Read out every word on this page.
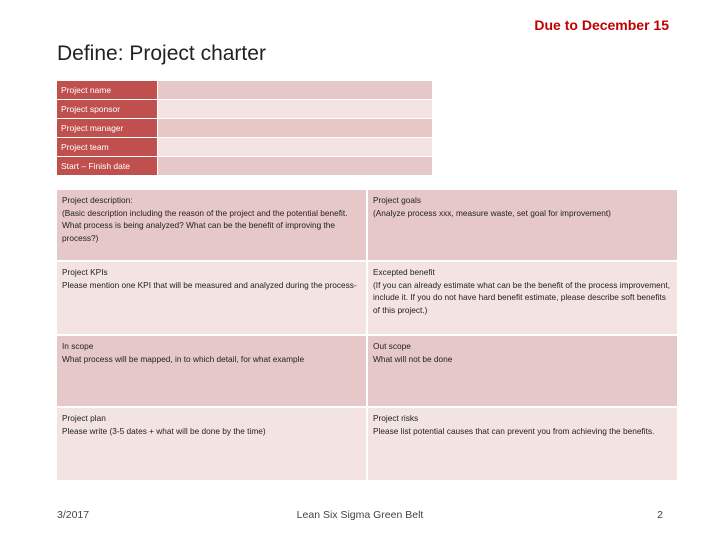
Due to December 15
Define: Project charter
Project name
Project sponsor
Project manager
Project team
Start – Finish date
Project description:
(Basic description including the reason of the project and the potential benefit. What process is being analyzed? What can be the benefit of improving the process?)
Project goals
(Analyze process xxx, measure waste, set goal for improvement)
Project KPIs
Please mention one KPI that will be measured and analyzed during the process-
Excepted benefit
(If you can already estimate what can be the benefit of the process improvement, include it. If you do not have hard benefit estimate, please describe soft benefits of this project.)
In scope
What process will be mapped, in to which detail, for what example
Out scope
What will not be done
Project plan
Please write (3-5 dates + what will be done by the time)
Project risks
Please list potential causes that can prevent you from achieving the benefits.
3/2017	Lean Six Sigma Green Belt	2
